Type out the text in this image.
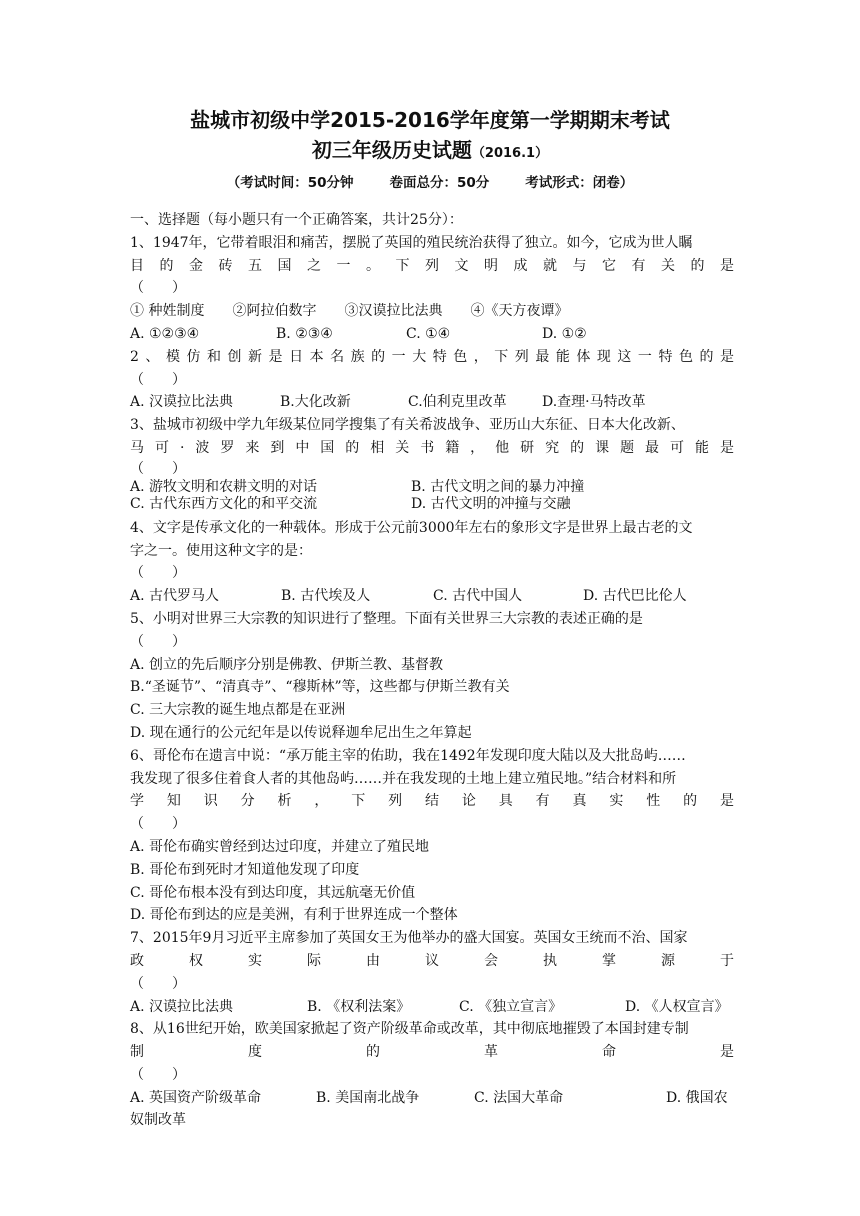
盐城市初级中学2015-2016学年度第一学期期末考试
初三年级历史试题（2016.1）
（考试时间：50分钟	卷面总分：50分	考试形式：闭卷）
一、选择题（每小题只有一个正确答案，共计25分）：
1、1947年，它带着眼泪和痛苦，摆脱了英国的殖民统治获得了独立。如今，它成为世人瞩
目的金砖五国之一。下列文明成就与它有关的是
（　　）
① 种姓制度　　②阿拉伯数字　　③汉谟拉比法典　　④《天方夜谭》
A. ①②③④	B. ②③④	C. ①④	D. ①②
2、模仿和创新是日本名族的一大特色，下列最能体现这一特色的是
（　　）
A. 汉谟拉比法典	B.大化改新	C.伯利克里改革	D.查理·马特改革
3、盐城市初级中学九年级某位同学搜集了有关希波战争、亚历山大东征、日本大化改新、
马可·波罗来到中国的相关书籍，他研究的课题最可能是
（　　）
A. 游牧文明和农耕文明的对话	B. 古代文明之间的暴力冲撞
C. 古代东西方文化的和平交流	D. 古代文明的冲撞与交融
4、文字是传承文化的一种载体。形成于公元前3000年左右的象形文字是世界上最古老的文
字之一。使用这种文字的是：
（　　）
A. 古代罗马人	B. 古代埃及人	C. 古代中国人	D. 古代巴比伦人
5、小明对世界三大宗教的知识进行了整理。下面有关世界三大宗教的表述正确的是
（　　）
A. 创立的先后顺序分别是佛教、伊斯兰教、基督教
B.“圣诞节”、“清真寺”、“穆斯林”等，这些都与伊斯兰教有关
C. 三大宗教的诞生地点都是在亚洲
D. 现在通行的公元纪年是以传说释迦牟尼出生之年算起
6、哥伦布在遗言中说：“承万能主宰的佑助，我在1492年发现印度大陆以及大批岛屿……
我发现了很多住着食人者的其他岛屿……并在我发现的土地上建立殖民地。”结合材料和所
学知识分析，下列结论具有真实性的是
（　　）
A. 哥伦布确实曾经到达过印度，并建立了殖民地
B. 哥伦布到死时才知道他发现了印度
C. 哥伦布根本没有到达印度，其远航毫无价值
D. 哥伦布到达的应是美洲，有利于世界连成一个整体
7、2015年9月习近平主席参加了英国女王为他举办的盛大国宴。英国女王统而不治、国家
政权实际由议会执掌源于
（　　）
A. 汉谟拉比法典	B. 《权利法案》	C. 《独立宣言》	D. 《人权宣言》
8、从16世纪开始，欧美国家掀起了资产阶级革命或改革，其中彻底地摧毁了本国封建专制
制度的革命是
（　　）
A. 英国资产阶级革命	B. 美国南北战争	C. 法国大革命	D. 俄国农
奴制改革
